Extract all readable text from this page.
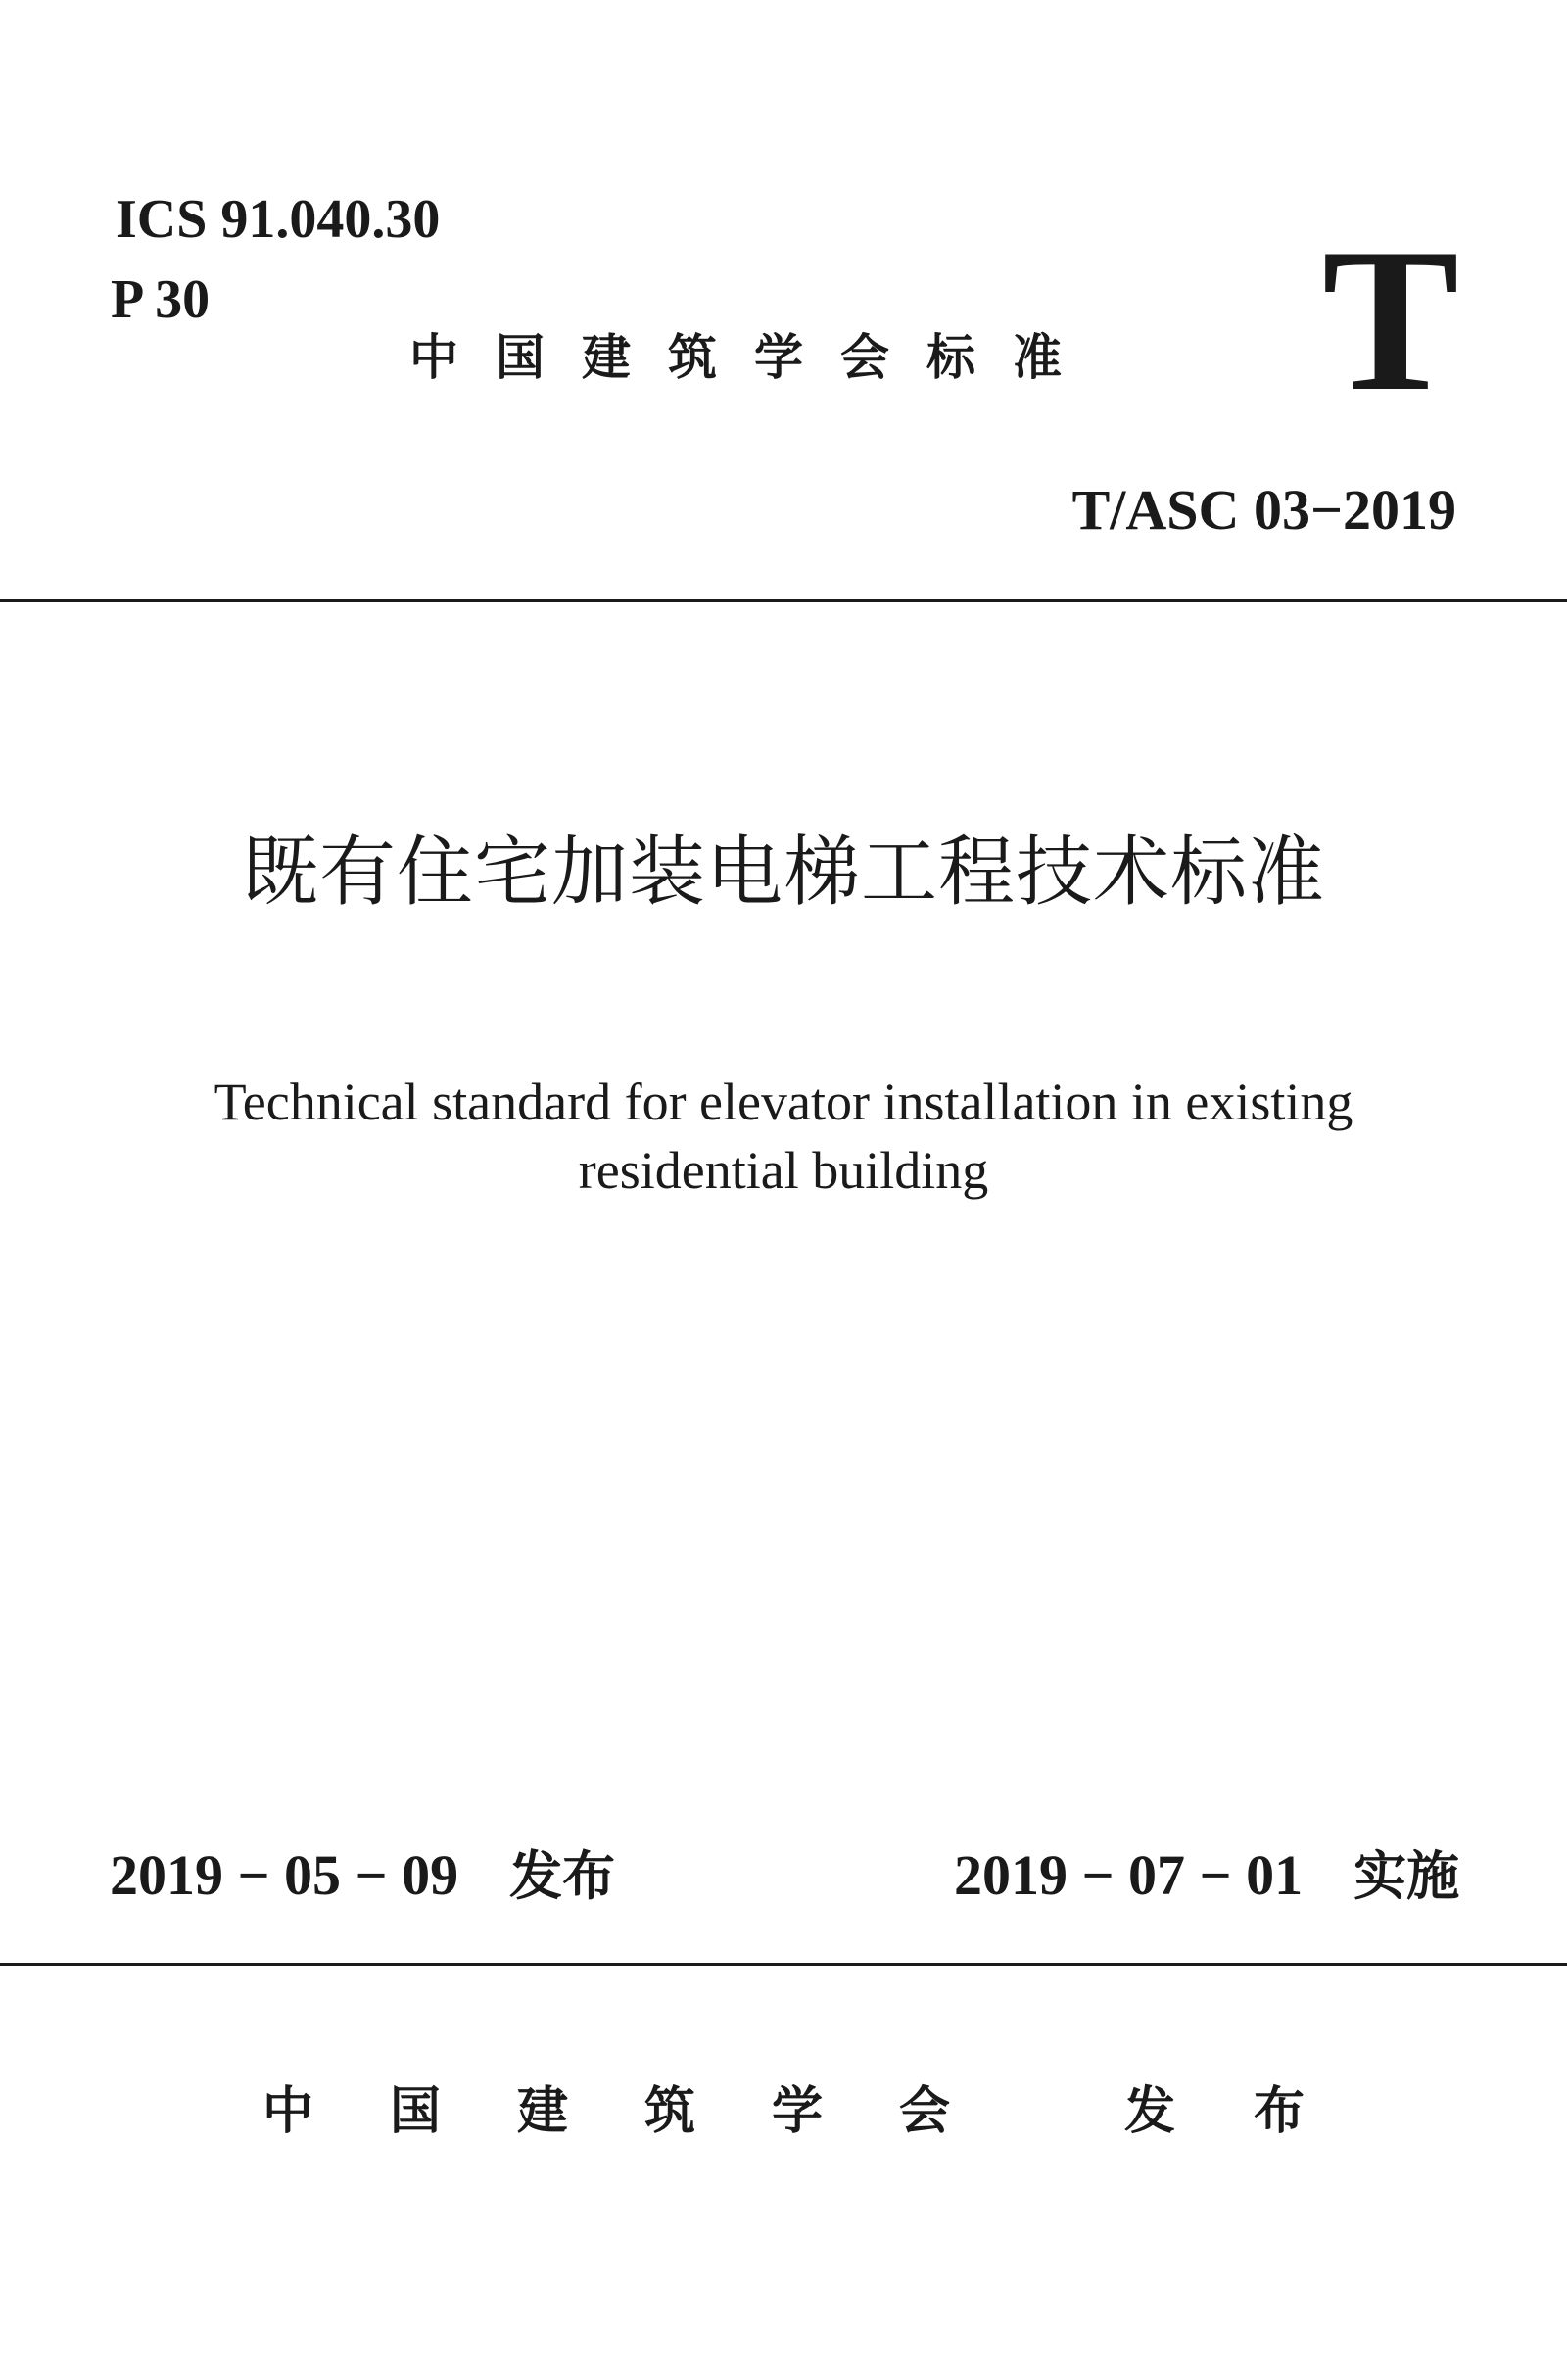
ICS 91.040.30
P 30
中国建筑学会标准 T
T/ASC 03−2019
既有住宅加装电梯工程技术标准
Technical standard for elevator installation in existing
residential building
2019 − 05 − 09 发布	2019 − 07 − 01 实施
中国建筑学会 发布
